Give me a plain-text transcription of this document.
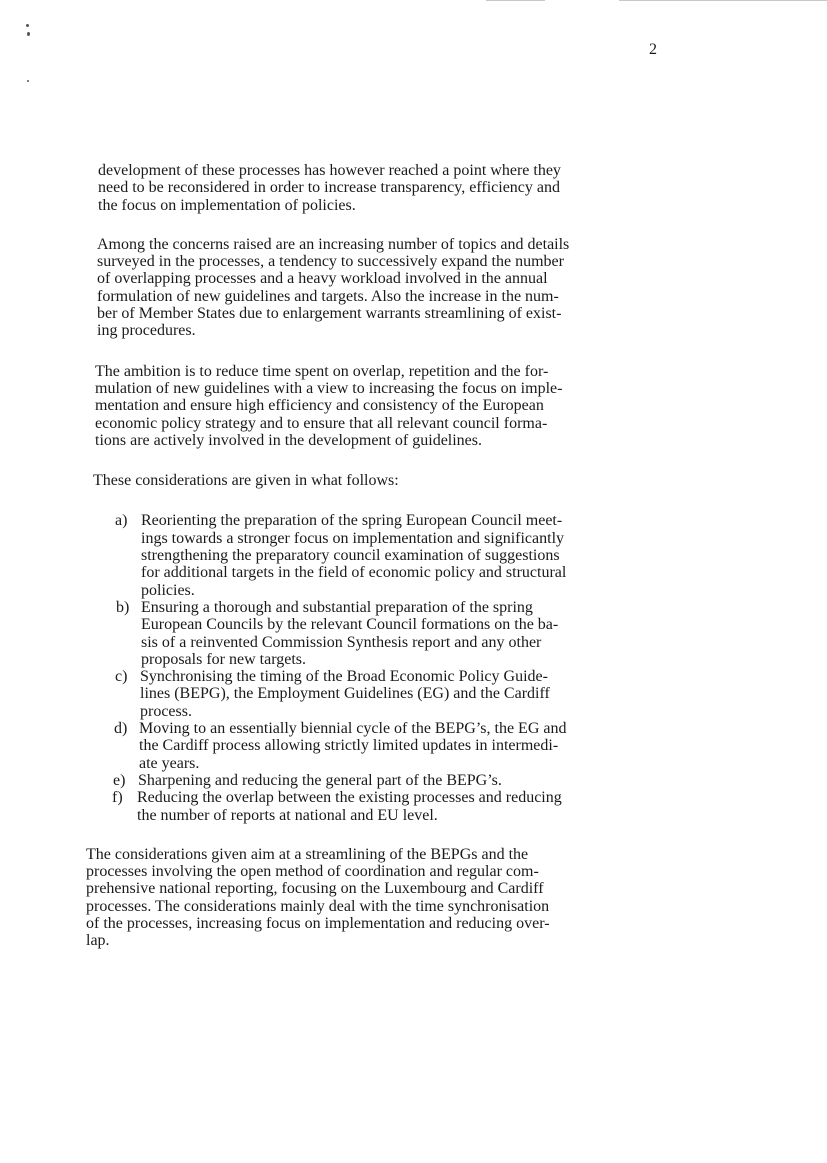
2

development of these processes has however reached a point where they
need to be reconsidered in order to increase transparency, efficiency and
the focus on implementation of policies.

Among the concerns raised are an increasing number of topics and details
surveyed in the processes, a tendency to successively expand the number
of overlapping processes and a heavy workload involved in the annual
formulation of new guidelines and targets. Also the increase in the num-
ber of Member States due to enlargement warrants streamlining of exist-
ing procedures.

The ambition is to reduce time spent on overlap, repetition and the for-
mulation of new guidelines with a view to increasing the focus on imple-
mentation and ensure high efficiency and consistency of the European
economic policy strategy and to ensure that all relevant council forma-
tions are actively involved in the development of guidelines.

These considerations are given in what follows:

a) Reorienting the preparation of the spring European Council meet-
ings towards a stronger focus on implementation and significantly
strengthening the preparatory council examination of suggestions
for additional targets in the field of economic policy and structural
policies.
b) Ensuring a thorough and substantial preparation of the spring
European Councils by the relevant Council formations on the ba-
sis of a reinvented Commission Synthesis report and any other
proposals for new targets.
c) Synchronising the timing of the Broad Economic Policy Guide-
lines (BEPG), the Employment Guidelines (EG) and the Cardiff
process.
d) Moving to an essentially biennial cycle of the BEPG’s, the EG and
the Cardiff process allowing strictly limited updates in intermedi-
ate years.
e) Sharpening and reducing the general part of the BEPG’s.
f) Reducing the overlap between the existing processes and reducing
the number of reports at national and EU level.

The considerations given aim at a streamlining of the BEPGs and the
processes involving the open method of coordination and regular com-
prehensive national reporting, focusing on the Luxembourg and Cardiff
processes. The considerations mainly deal with the time synchronisation
of the processes, increasing focus on implementation and reducing over-
lap.
